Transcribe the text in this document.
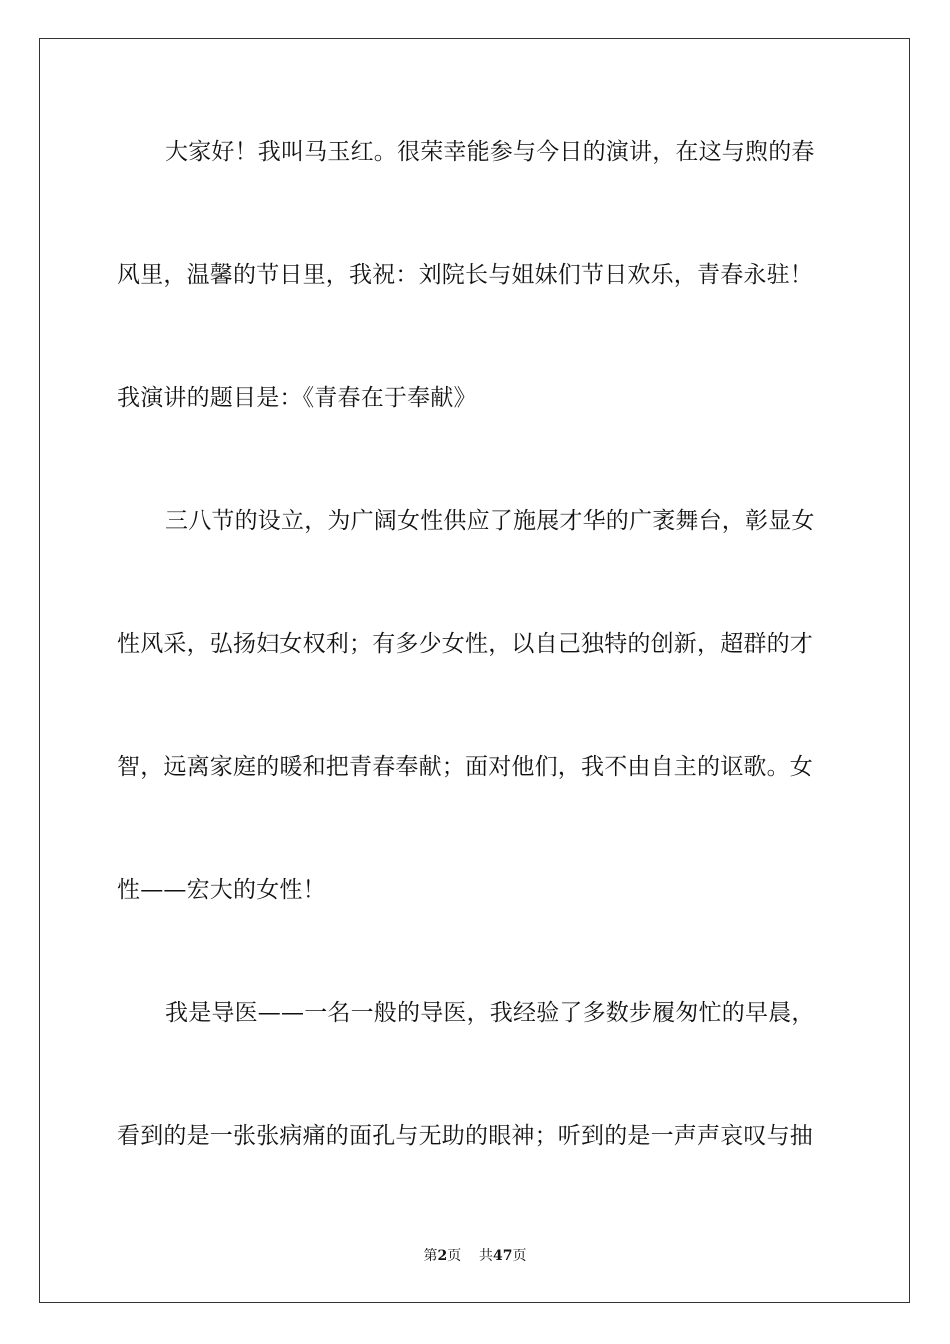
大家好！我叫马玉红。很荣幸能参与今日的演讲，在这与煦的春
风里，温馨的节日里，我祝：刘院长与姐妹们节日欢乐，青春永驻！
我演讲的题目是：《青春在于奉献》
三八节的设立，为广阔女性供应了施展才华的广袤舞台，彰显女
性风采，弘扬妇女权利；有多少女性，以自己独特的创新，超群的才
智，远离家庭的暖和把青春奉献；面对他们，我不由自主的讴歌。女
性——宏大的女性！
我是导医——一名一般的导医，我经验了多数步履匆忙的早晨，
看到的是一张张病痛的面孔与无助的眼神；听到的是一声声哀叹与抽
第2页 共47页
